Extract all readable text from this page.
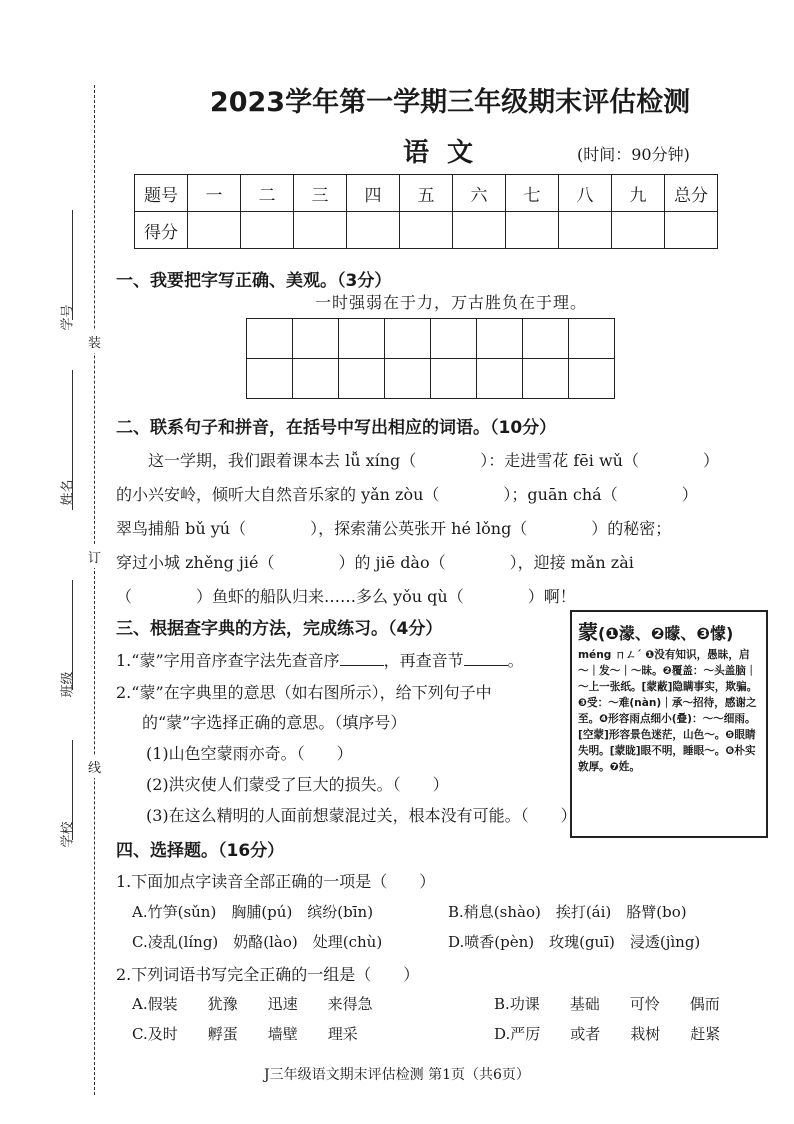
装
订
线
学号
姓名
班级
学校
2023学年第一学期三年级期末评估检测
语文	(时间：90分钟)
题号	一	二	三	四	五	六	七	八	九	总分
得分										
一、我要把字写正确、美观。（3分）
一时强弱在于力，万古胜负在于理。
二、联系句子和拼音，在括号中写出相应的词语。（10分）
这一学期，我们跟着课本去 lǚ xíng（　　　　）：走进雪花 fēi wǔ（　　　　）
的小兴安岭，倾听大自然音乐家的 yǎn zòu（　　　　）；guān chá（　　　　）
翠鸟捕船 bǔ yú（　　　　），探索蒲公英张开 hé lǒng（　　　　）的秘密；
穿过小城 zhěng jié（　　　　）的 jiē dào（　　　　），迎接 mǎn zài
（　　　　）鱼虾的船队归来……多么 yǒu qù（　　　　）啊！
三、根据查字典的方法，完成练习。（4分）
1.“蒙”字用音序查字法先查音序	，再查音节	。
2.“蒙”在字典里的意思（如右图所示），给下列句子中
的“蒙”字选择正确的意思。（填序号）
(1)山色空蒙雨亦奇。（　　）
(2)洪灾使人们蒙受了巨大的损失。（　　）
(3)在这么精明的人面前想蒙混过关，根本没有可能。（　　）
蒙(❶濛、❷曚、❸懞)
méng ㄇㄥˊ ❶没有知识，愚昧，启～｜发～｜～昧。❷覆盖：～头盖脑｜～上一张纸。[蒙蔽]隐瞒事实，欺骗。❸受：～难(nàn)｜承～招待，感谢之至。❹形容雨点细小(叠)：～～细雨。[空蒙]形容景色迷茫，山色～。❺眼睛失明。[蒙眬]眼不明，睡眼～。❻朴实敦厚。❼姓。
四、选择题。（16分）
1.下面加点字读音全部正确的一项是（　　）
A.竹笋(sǔn)　胸脯(pú)　缤纷(bīn)	B.稍息(shào)　挨打(ái)　胳臂(bo)
C.凌乱(líng)　奶酪(lào)　处理(chù)	D.喷香(pèn)　玫瑰(guī)　浸透(jìng)
2.下列词语书写完全正确的一组是（　　）
A.假装　　犹豫　　迅速　　来得急	B.功课　　基础　　可怜　　偶而
C.及时　　孵蛋　　墙壁　　理采	D.严厉　　或者　　栽树　　赶紧
J三年级语文期末评估检测 第1页（共6页）
